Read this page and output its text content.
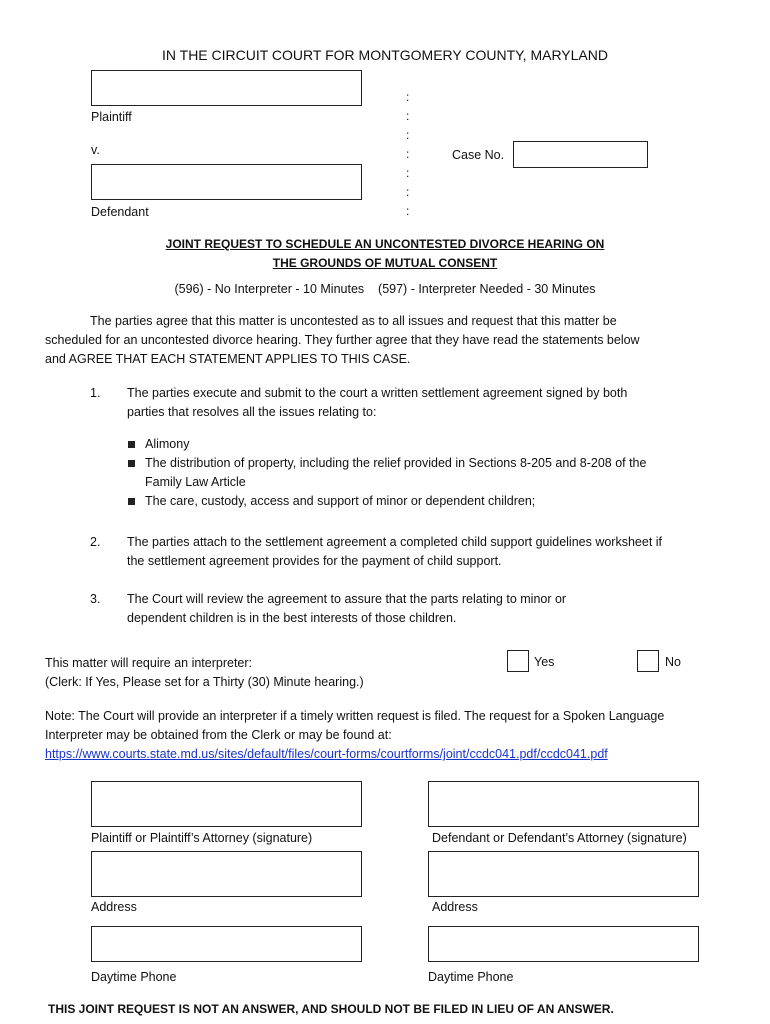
IN THE CIRCUIT COURT FOR MONTGOMERY COUNTY, MARYLAND
Plaintiff
v.
Defendant
:
:
:
:
:
:
:
Case No.
JOINT REQUEST TO SCHEDULE AN UNCONTESTED DIVORCE HEARING ON
THE GROUNDS OF MUTUAL CONSENT
(596) - No Interpreter - 10 Minutes    (597) - Interpreter Needed - 30 Minutes
The parties agree that this matter is uncontested as to all issues and request that this matter be
scheduled for an uncontested divorce hearing. They further agree that they have read the statements below
and AGREE THAT EACH STATEMENT APPLIES TO THIS CASE.
1. The parties execute and submit to the court a written settlement agreement signed by both
parties that resolves all the issues relating to:
Alimony
The distribution of property, including the relief provided in Sections 8-205 and 8-208 of the
Family Law Article
The care, custody, access and support of minor or dependent children;
2. The parties attach to the settlement agreement a completed child support guidelines worksheet if
the settlement agreement provides for the payment of child support.
3. The Court will review the agreement to assure that the parts relating to minor or
dependent children is in the best interests of those children.
This matter will require an interpreter:
(Clerk: If Yes, Please set for a Thirty (30) Minute hearing.)
Yes	No
Note: The Court will provide an interpreter if a timely written request is filed. The request for a Spoken Language
Interpreter may be obtained from the Clerk or may be found at:
https://www.courts.state.md.us/sites/default/files/court-forms/courtforms/joint/ccdc041.pdf/ccdc041.pdf
Plaintiff or Plaintiff’s Attorney (signature)	Defendant or Defendant’s Attorney (signature)
Address	Address
Daytime Phone	Daytime Phone
THIS JOINT REQUEST IS NOT AN ANSWER, AND SHOULD NOT BE FILED IN LIEU OF AN ANSWER.
